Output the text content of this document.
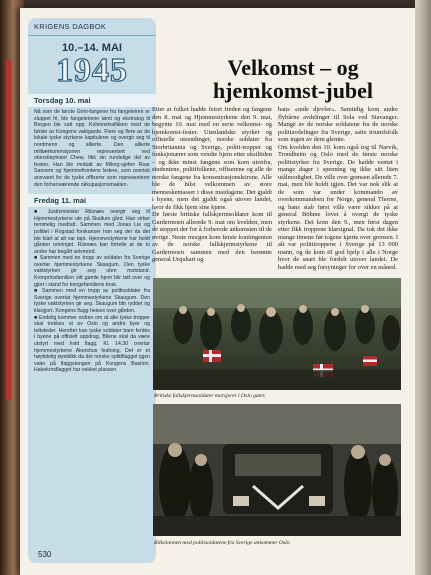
KRIGENS DAGBOK
10.–14. MAI
1945
Torsdag 10. mai
Nå som de første Grini-fangene fra fangeleiren er sluppet fri, ble fangeleirene tømt og ekstratog til Bergen ble satt opp. Kolonnetrafikken med de første av Kongens vaktgarde. Flere og flere av de lokale tyske styrkene kapitulerer og overgir seg til nordmenn og allierte. Den allierte militærkommisjonen representert ved oberstløytnant Chew, fikk sin rundelige del av festen. Han ble mottatt av Milorg-sjefen Roar Sannem og hjemmefrontens ledere, som overtok ansvaret for de tyske offiserer som representerer den forhenværende okkupasjonsmakten.
Fredag 11. mai
■ Justisminister Riisnæs overgir seg til Hjemmestyrkene ute på Skallum gård. Han virker temmelig medtatt. Sammen med Jonas Lie og politiet i Rogstad forskanser han seg der da det ble klart at alt var tapt. Hjemmestyrkene har holdt gården omringet. Riisnæs kan fortelle at de to andre har begått selvmord.
■ Sammen med en tropp av soldater fra Sverige overtar hjemmestyrkene Skaugum. Den tyske vaktstyrken gir seg uten motstand. Kronprinsfamilien sitt gamle hjem blir tatt over og gjort i stand for kongefamiliens bruk.
■ Sammen med en tropp av politisoldater fra Sverige overtar hjemmestyrkene Skaugum. Den tyske vaktstyrken gir seg. Skaugum blir ryddet og klargjort. Kongens flagg heises over gården.
■ Endelig kommer ordren om at alle tyske tropper skal trekkes ut av Oslo og andre byer og tettsteder. Heretter kan tyske soldater bare ferdes i byene på offisielt oppdrag. Bilene skal da være utstyrt med hvitt flagg. Kl. 14.30 overtar hjemmestyrkene Akershus festning. Det er et høytidelig øyeblikk da det norske splittflagget igjen vaier på flaggstangen på Kongens Bastion. Hakekorsflagget har vekket plassen.
530
Velkomst – og
hjemkomst-jubel
Etter at folket hadde feiret freden og fangene den 8. mai og Hjemmestyrkene den 9. mai, begynte 10. mai med en serie velkomst- og hjemkomst-fester. Utenlandske styrker og offisielle utsendinger, norske soldater fra Storbritannia og Sverige, politi-tropper og funksjonærer som vendte hjem etter eksiltiden – og ikke minst fangene som kom utenfra, studentene, politifolkene, offiserene og alle de norske fangene fra konsentrasjonsleirene. Alle ble de hilst velkommen av store menneskemasser i disse maidagene. Det gjaldt i byene, men det gjaldt også utover landet, hvor de fikk hjem sine kjære.
De første britiske fallskjermsoldater kom til Gardermoen allerede 9. mai om kvelden, men de stoppet der for å forberede ankomsten til de øvrige. Neste morgen kom første kontingenten av de norske fallskjermstyrkene til Gardermoen sammen med den berømte general Urquhart og
hans «røde djevler». Samtidig kom andre flybårne avdelinger til Sola ved Stavanger. Mange av de norske soldatene fra de norske politiavdelinger fra Sverige, satte triumfsfolk som ingen av dem glemte.
Om kvelden den 10. kom også tog til Narvik, Trondheim og Oslo med de første norske politistyrker fra Sverige. De hadde ventet i mange dager i spenning og ikke sitt liten utålmodighet. De ville over grensen allerede 7. mai, men ble holdt igjen. Det var nok slik at de som var under kommando av overkommandoen for Norge, general Thorne, og hans stab først ville være sikker på at general Böhme lovet å overgi de tyske styrkene. Det kom den 9., men først dagen etter fikk troppene klarsignal. Da tok det ikke mange timene før togene kjørte over grensen. I alt var polititroppene i Sverige på 13 000 mann, og de kom til god hjelp i alle i Norge hvor de snart ble fordelt utover landet. De hadde med seg forsyninger for over en måned.
Britiske fallskjermsoldater marsjerer i Oslo gater.
Bilkolonnen med politisoldatene fra Sverige ankommer Oslo.
